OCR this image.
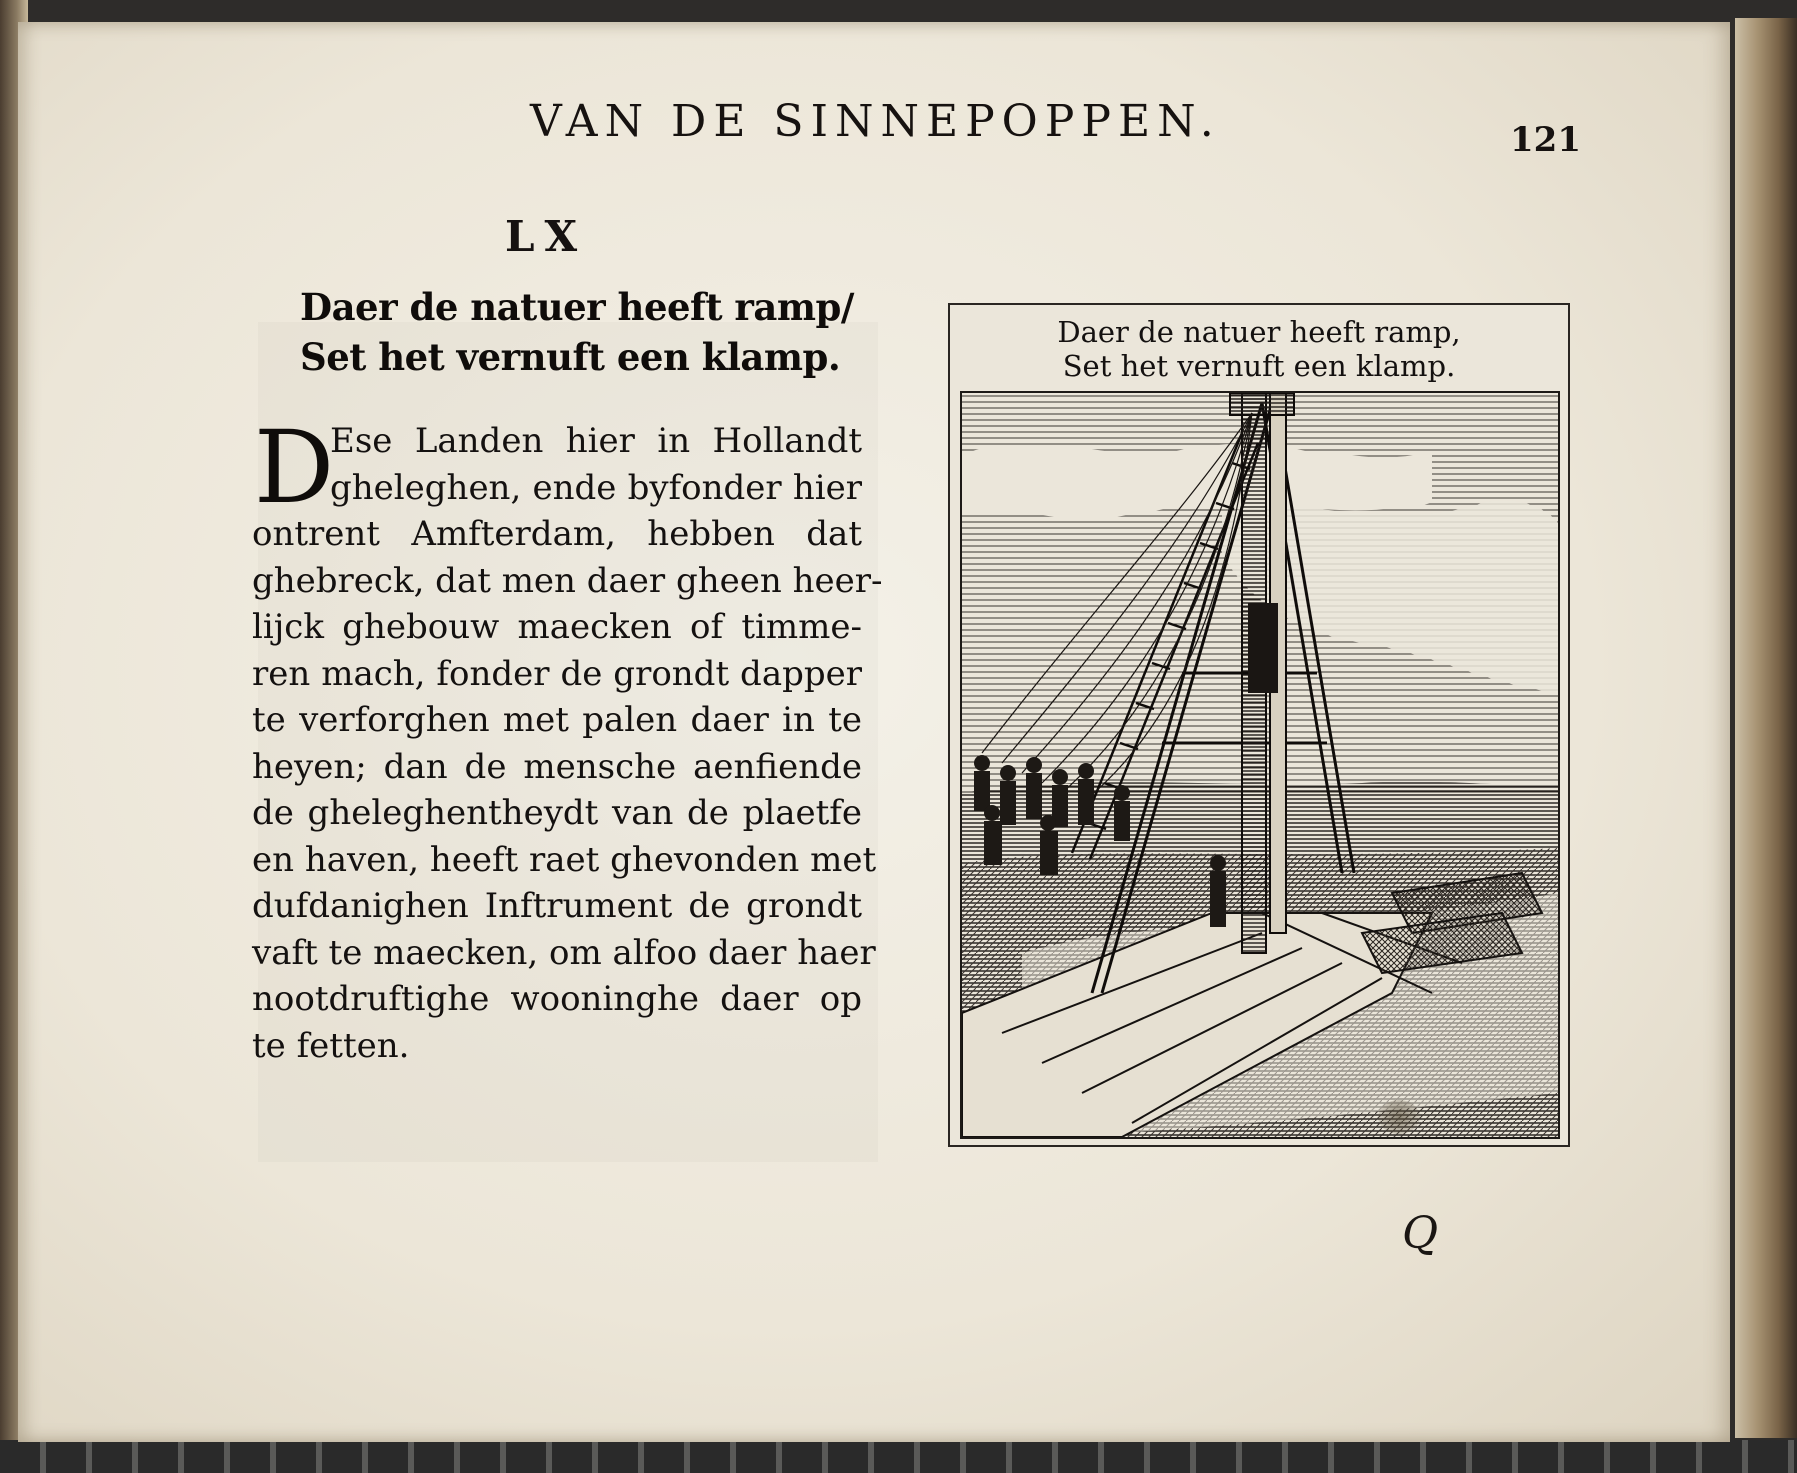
VAN DE SINNEPOPPEN.	121
LX
Daer de natuer heeft ramp/
Set het vernuft een klamp.
D
Ese Landen hier in Hollandt
gheleghen, ende byfonder hier
ontrent Amfterdam, hebben dat
ghebreck, dat men daer gheen heer-
lijck ghebouw maecken of timme-
ren mach, fonder de grondt dapper
te verforghen met palen daer in te
heyen; dan de mensche aenfiende
de gheleghentheydt van de plaetfe
en haven, heeft raet ghevonden met
dufdanighen Inftrument de grondt
vaft te maecken, om alfoo daer haer
nootdruftighe wooninghe daer op
te fetten.
Daer de natuer heeft ramp,
Set het vernuft een klamp.
Q
